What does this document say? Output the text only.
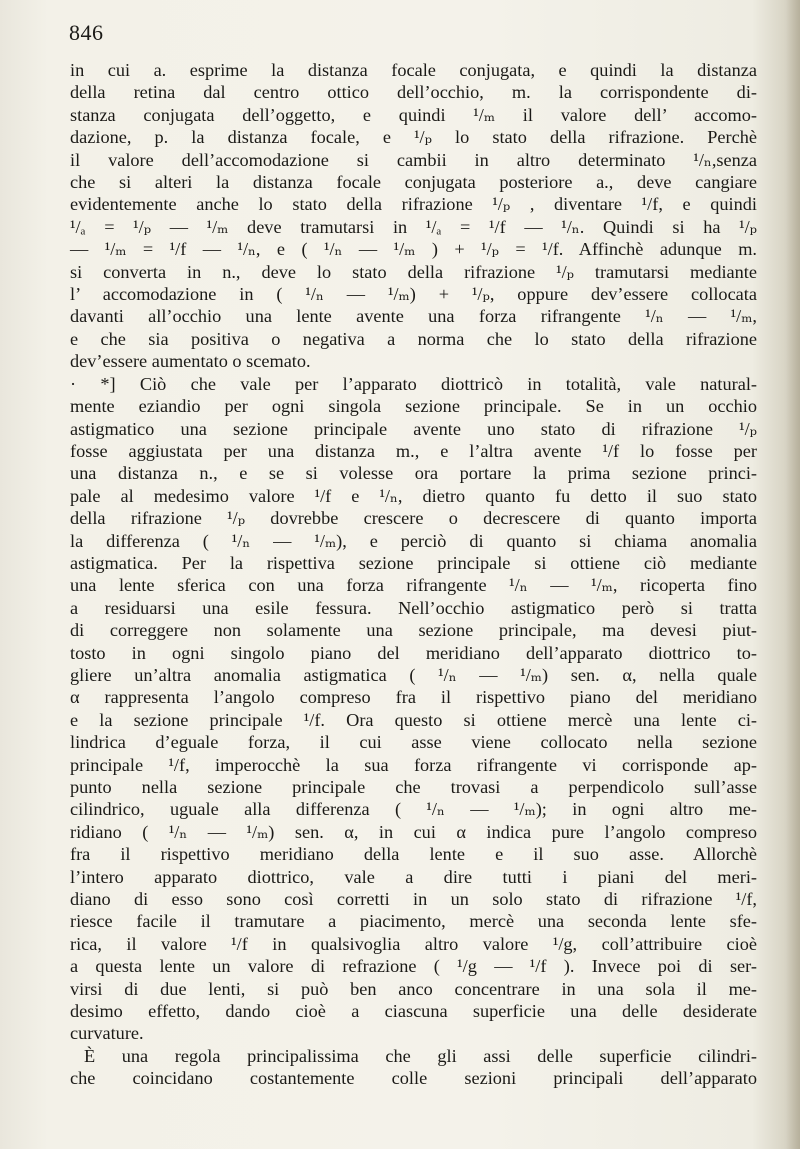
846
in cui a. esprime la distanza focale conjugata, e quindi la distanza
della retina dal centro ottico dell’occhio, m. la corrispondente di-
stanza conjugata dell’oggetto, e quindi ¹/ₘ il valore dell’ accomo-
dazione, p. la distanza focale, e ¹/ₚ lo stato della rifrazione. Perchè
il valore dell’accomodazione si cambii in altro determinato ¹/ₙ,senza
che si alteri la distanza focale conjugata posteriore a., deve cangiare
evidentemente anche lo stato della rifrazione ¹/ₚ , diventare ¹/f, e quindi
¹/ₐ = ¹/ₚ — ¹/ₘ deve tramutarsi in ¹/ₐ = ¹/f — ¹/ₙ. Quindi si ha ¹/ₚ
— ¹/ₘ = ¹/f — ¹/ₙ, e ( ¹/ₙ — ¹/ₘ ) + ¹/ₚ = ¹/f. Affinchè adunque m.
si converta in n., deve lo stato della rifrazione ¹/ₚ tramutarsi mediante
l’ accomodazione in ( ¹/ₙ — ¹/ₘ) + ¹/ₚ, oppure dev’essere collocata
davanti all’occhio una lente avente una forza rifrangente ¹/ₙ — ¹/ₘ,
e che sia positiva o negativa a norma che lo stato della rifrazione
dev’essere aumentato o scemato.
· *] Ciò che vale per l’apparato diottricò in totalità, vale natural-
mente eziandio per ogni singola sezione principale. Se in un occhio
astigmatico una sezione principale avente uno stato di rifrazione ¹/ₚ
fosse aggiustata per una distanza m., e l’altra avente ¹/f lo fosse per
una distanza n., e se si volesse ora portare la prima sezione princi-
pale al medesimo valore ¹/f e ¹/ₙ, dietro quanto fu detto il suo stato
della rifrazione ¹/ₚ dovrebbe crescere o decrescere di quanto importa
la differenza ( ¹/ₙ — ¹/ₘ), e perciò di quanto si chiama anomalia
astigmatica. Per la rispettiva sezione principale si ottiene ciò mediante
una lente sferica con una forza rifrangente ¹/ₙ — ¹/ₘ, ricoperta fino
a residuarsi una esile fessura. Nell’occhio astigmatico però si tratta
di correggere non solamente una sezione principale, ma devesi piut-
tosto in ogni singolo piano del meridiano dell’apparato diottrico to-
gliere un’altra anomalia astigmatica ( ¹/ₙ — ¹/ₘ) sen. α, nella quale
α rappresenta l’angolo compreso fra il rispettivo piano del meridiano
e la sezione principale ¹/f. Ora questo si ottiene mercè una lente ci-
lindrica d’eguale forza, il cui asse viene collocato nella sezione
principale ¹/f, imperocchè la sua forza rifrangente vi corrisponde ap-
punto nella sezione principale che trovasi a perpendicolo sull’asse
cilindrico, uguale alla differenza ( ¹/ₙ — ¹/ₘ); in ogni altro me-
ridiano ( ¹/ₙ — ¹/ₘ) sen. α, in cui α indica pure l’angolo compreso
fra il rispettivo meridiano della lente e il suo asse. Allorchè
l’intero apparato diottrico, vale a dire tutti i piani del meri-
diano di esso sono così corretti in un solo stato di rifrazione ¹/f,
riesce facile il tramutare a piacimento, mercè una seconda lente sfe-
rica, il valore ¹/f in qualsivoglia altro valore ¹/g, coll’attribuire cioè
a questa lente un valore di refrazione ( ¹/g — ¹/f ). Invece poi di ser-
virsi di due lenti, si può ben anco concentrare in una sola il me-
desimo effetto, dando cioè a ciascuna superficie una delle desiderate
curvature.
È una regola principalissima che gli assi delle superficie cilindri-
che coincidano costantemente colle sezioni principali dell’apparato
